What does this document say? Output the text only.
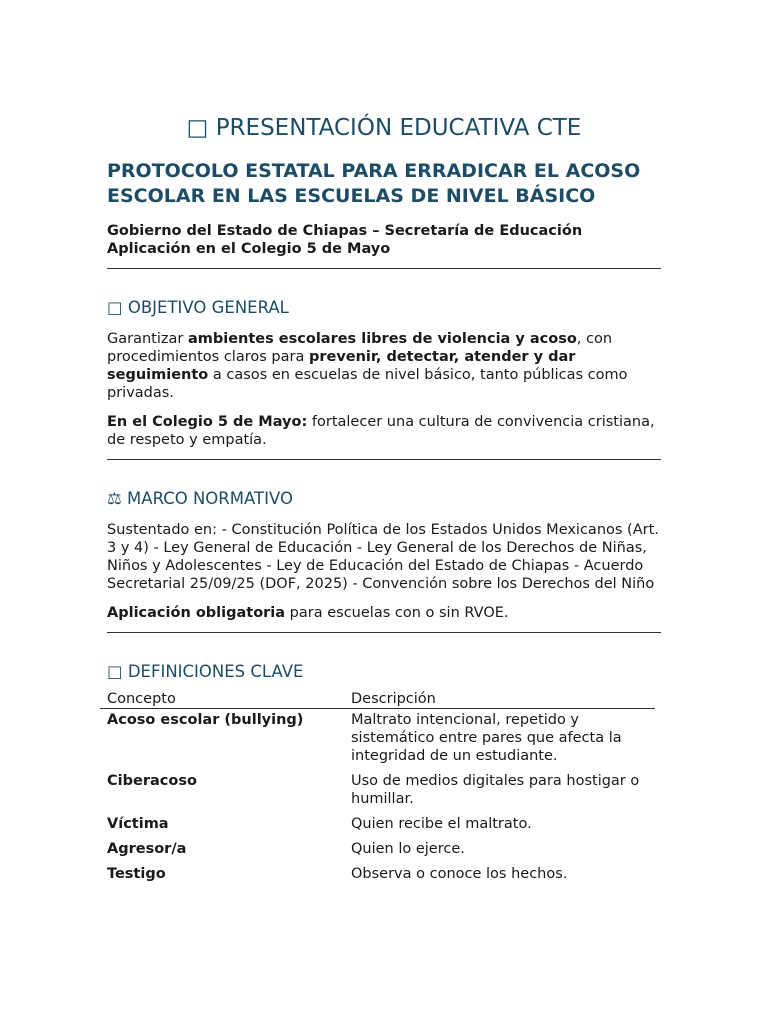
□ PRESENTACIÓN EDUCATIVA CTE
PROTOCOLO ESTATAL PARA ERRADICAR EL ACOSO ESCOLAR EN LAS ESCUELAS DE NIVEL BÁSICO

Gobierno del Estado de Chiapas – Secretaría de Educación

Aplicación en el Colegio 5 de Mayo

□ OBJETIVO GENERAL

Garantizar ambientes escolares libres de violencia y acoso, con procedimientos claros para prevenir, detectar, atender y dar seguimiento a casos en escuelas de nivel básico, tanto públicas como privadas.

En el Colegio 5 de Mayo: fortalecer una cultura de convivencia cristiana, de respeto y empatía.

⚖ MARCO NORMATIVO

Sustentado en: - Constitución Política de los Estados Unidos Mexicanos (Art. 3 y 4) - Ley General de Educación - Ley General de los Derechos de Niñas, Niños y Adolescentes - Ley de Educación del Estado de Chiapas - Acuerdo Secretarial 25/09/25 (DOF, 2025) - Convención sobre los Derechos del Niño

Aplicación obligatoria para escuelas con o sin RVOE.

□ DEFINICIONES CLAVE
Concepto	Descripción
Acoso escolar (bullying)	Maltrato intencional, repetido y sistemático entre pares que afecta la integridad de un estudiante.
Ciberacoso	Uso de medios digitales para hostigar o humillar.
Víctima	Quien recibe el maltrato.
Agresor/a	Quien lo ejerce.
Testigo	Observa o conoce los hechos.
